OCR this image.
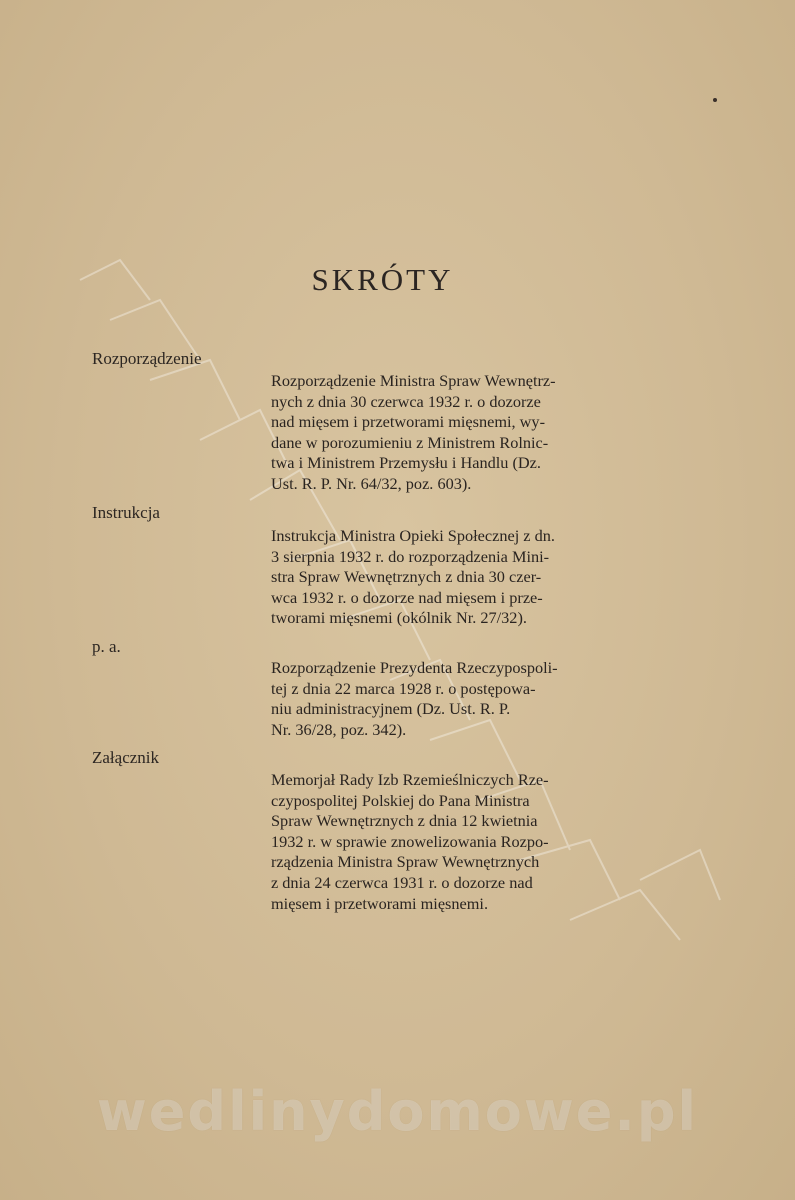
SKRÓTY
Rozporządzenie
Rozporządzenie Ministra Spraw Wewnętrz-
nych z dnia 30 czerwca 1932 r. o dozorze
nad mięsem i przetworami mięsnemi, wy-
dane w porozumieniu z Ministrem Rolnic-
twa i Ministrem Przemysłu i Handlu (Dz.
Ust. R. P. Nr. 64/32, poz. 603).
Instrukcja
Instrukcja Ministra Opieki Społecznej z dn.
3 sierpnia 1932 r. do rozporządzenia Mini-
stra Spraw Wewnętrznych z dnia 30 czer-
wca 1932 r. o dozorze nad mięsem i prze-
tworami mięsnemi (okólnik Nr. 27/32).
p. a.
Rozporządzenie Prezydenta Rzeczypospoli-
tej z dnia 22 marca 1928 r. o postępowa-
niu administracyjnem (Dz. Ust. R. P.
Nr. 36/28, poz. 342).
Załącznik
Memorjał Rady Izb Rzemieślniczych Rze-
czypospolitej Polskiej do Pana Ministra
Spraw Wewnętrznych z dnia 12 kwietnia
1932 r. w sprawie znowelizowania Rozpo-
rządzenia Ministra Spraw Wewnętrznych
z dnia 24 czerwca 1931 r. o dozorze nad
mięsem i przetworami mięsnemi.
wedlinydomowe.pl
